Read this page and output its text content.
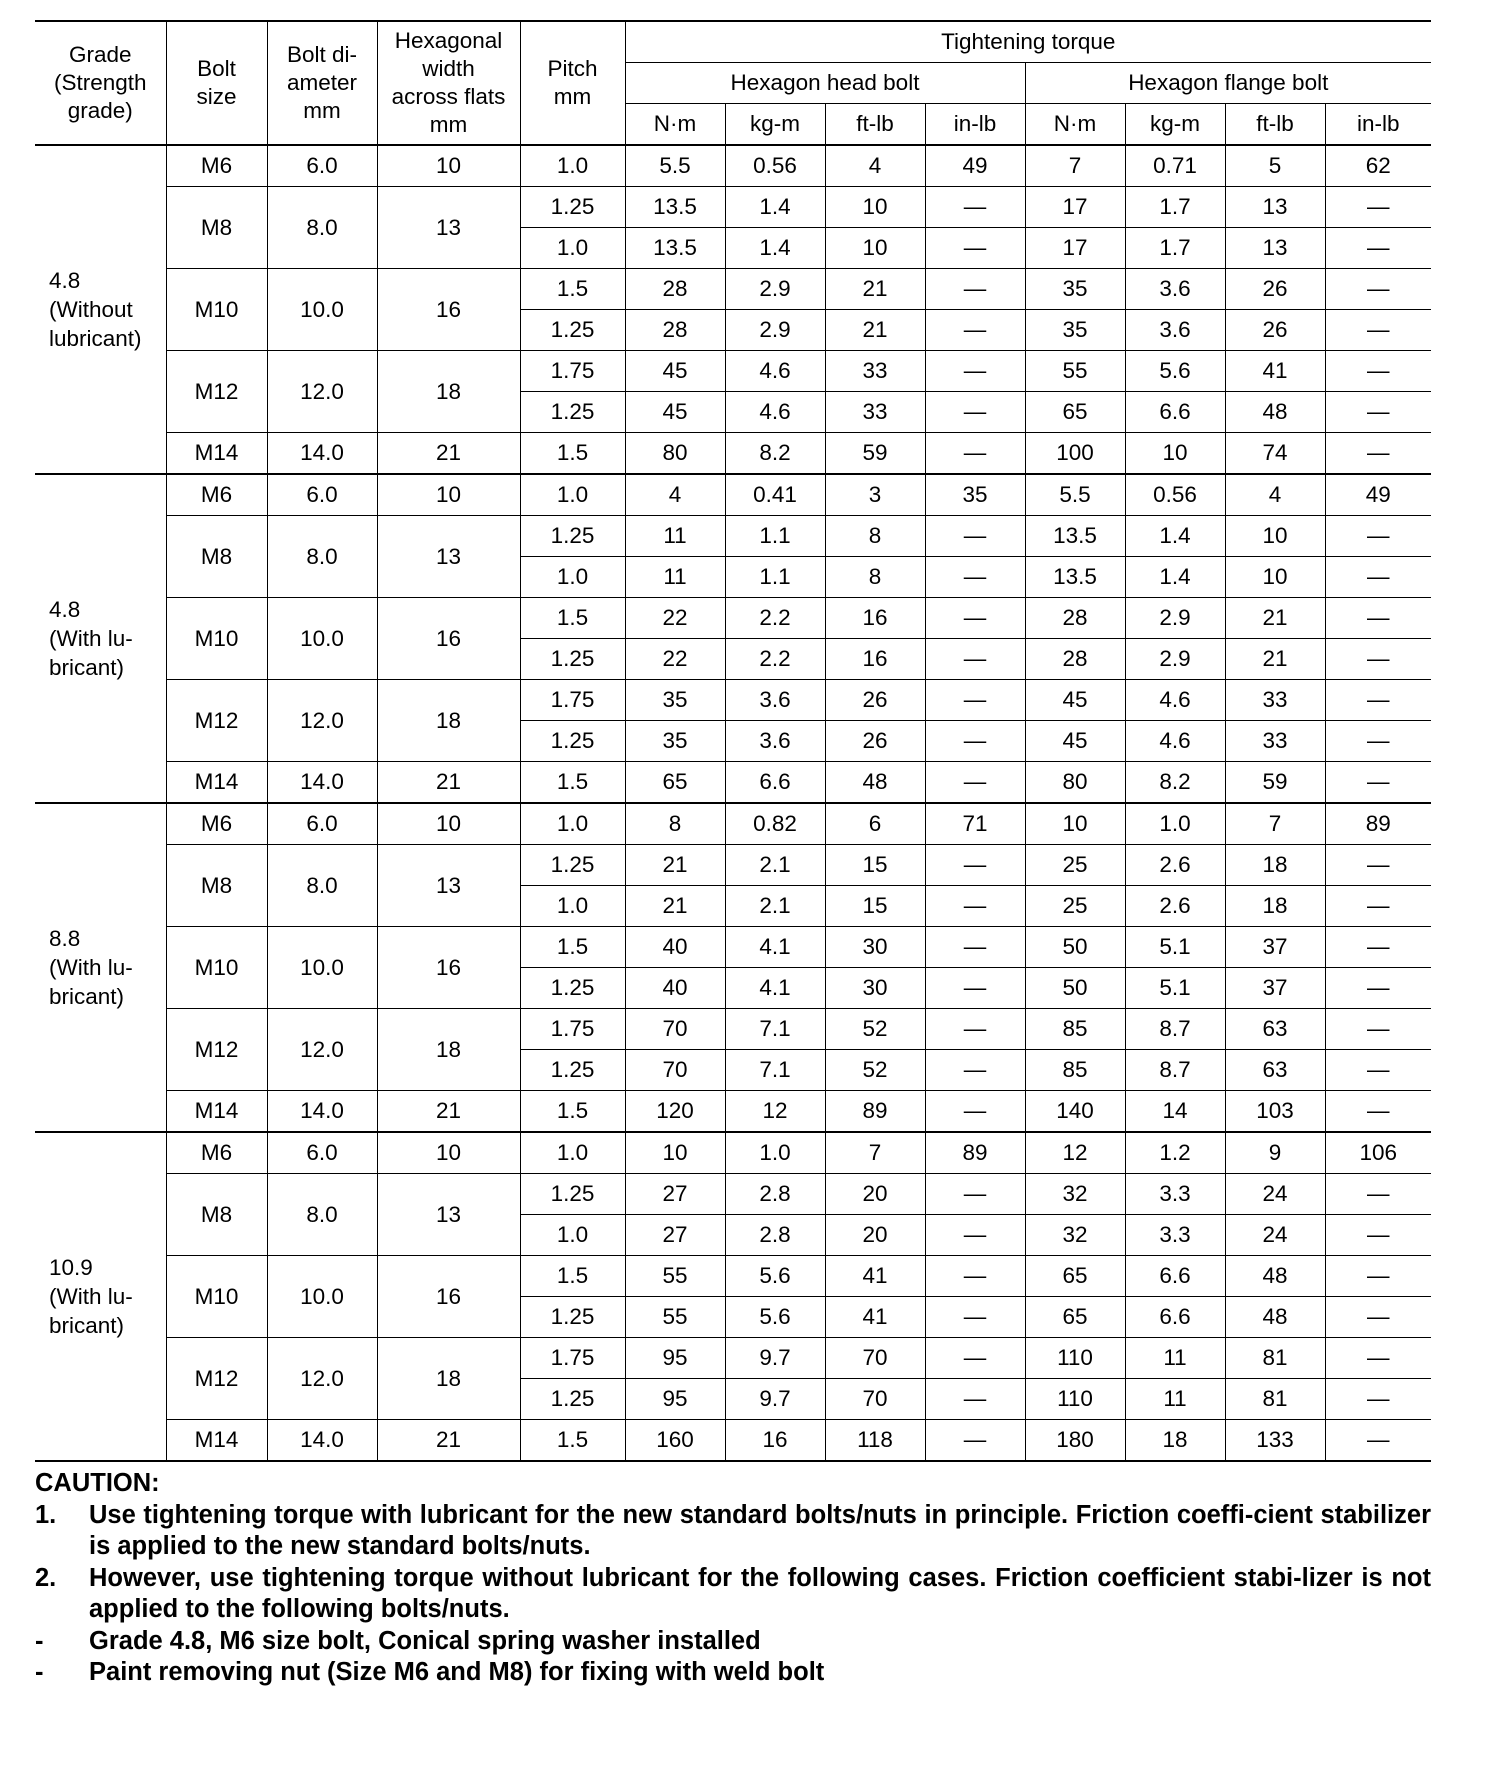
Grade
(Strength
grade)	Bolt
size	Bolt di-
ameter
mm	Hexagonal
width
across flats
mm	Pitch
mm	Tightening torque							
					Hexagon head bolt				Hexagon flange bolt			
					N·m	kg-m	ft-lb	in-lb	N·m	kg-m	ft-lb	in-lb
4.8
(Without
lubricant)	M6	6.0	10	1.0	5.5	0.56	4	49	7	0.71	5	62
	M8	8.0	13	1.25	13.5	1.4	10	—	17	1.7	13	—
				1.0	13.5	1.4	10	—	17	1.7	13	—
	M10	10.0	16	1.5	28	2.9	21	—	35	3.6	26	—
				1.25	28	2.9	21	—	35	3.6	26	—
	M12	12.0	18	1.75	45	4.6	33	—	55	5.6	41	—
				1.25	45	4.6	33	—	65	6.6	48	—
	M14	14.0	21	1.5	80	8.2	59	—	100	10	74	—
4.8
(With lu-
bricant)	M6	6.0	10	1.0	4	0.41	3	35	5.5	0.56	4	49
	M8	8.0	13	1.25	11	1.1	8	—	13.5	1.4	10	—
				1.0	11	1.1	8	—	13.5	1.4	10	—
	M10	10.0	16	1.5	22	2.2	16	—	28	2.9	21	—
				1.25	22	2.2	16	—	28	2.9	21	—
	M12	12.0	18	1.75	35	3.6	26	—	45	4.6	33	—
				1.25	35	3.6	26	—	45	4.6	33	—
	M14	14.0	21	1.5	65	6.6	48	—	80	8.2	59	—
8.8
(With lu-
bricant)	M6	6.0	10	1.0	8	0.82	6	71	10	1.0	7	89
	M8	8.0	13	1.25	21	2.1	15	—	25	2.6	18	—
				1.0	21	2.1	15	—	25	2.6	18	—
	M10	10.0	16	1.5	40	4.1	30	—	50	5.1	37	—
				1.25	40	4.1	30	—	50	5.1	37	—
	M12	12.0	18	1.75	70	7.1	52	—	85	8.7	63	—
				1.25	70	7.1	52	—	85	8.7	63	—
	M14	14.0	21	1.5	120	12	89	—	140	14	103	—
10.9
(With lu-
bricant)	M6	6.0	10	1.0	10	1.0	7	89	12	1.2	9	106
	M8	8.0	13	1.25	27	2.8	20	—	32	3.3	24	—
				1.0	27	2.8	20	—	32	3.3	24	—
	M10	10.0	16	1.5	55	5.6	41	—	65	6.6	48	—
				1.25	55	5.6	41	—	65	6.6	48	—
	M12	12.0	18	1.75	95	9.7	70	—	110	11	81	—
				1.25	95	9.7	70	—	110	11	81	—
	M14	14.0	21	1.5	160	16	118	—	180	18	133	—
CAUTION:
1.	Use tightening torque with lubricant for the new standard bolts/nuts in principle. Friction coeffi-cient stabilizer is applied to the new standard bolts/nuts.
2.	However, use tightening torque without lubricant for the following cases. Friction coefficient stabi-lizer is not applied to the following bolts/nuts.
-	Grade 4.8, M6 size bolt, Conical spring washer installed
-	Paint removing nut (Size M6 and M8) for fixing with weld bolt
